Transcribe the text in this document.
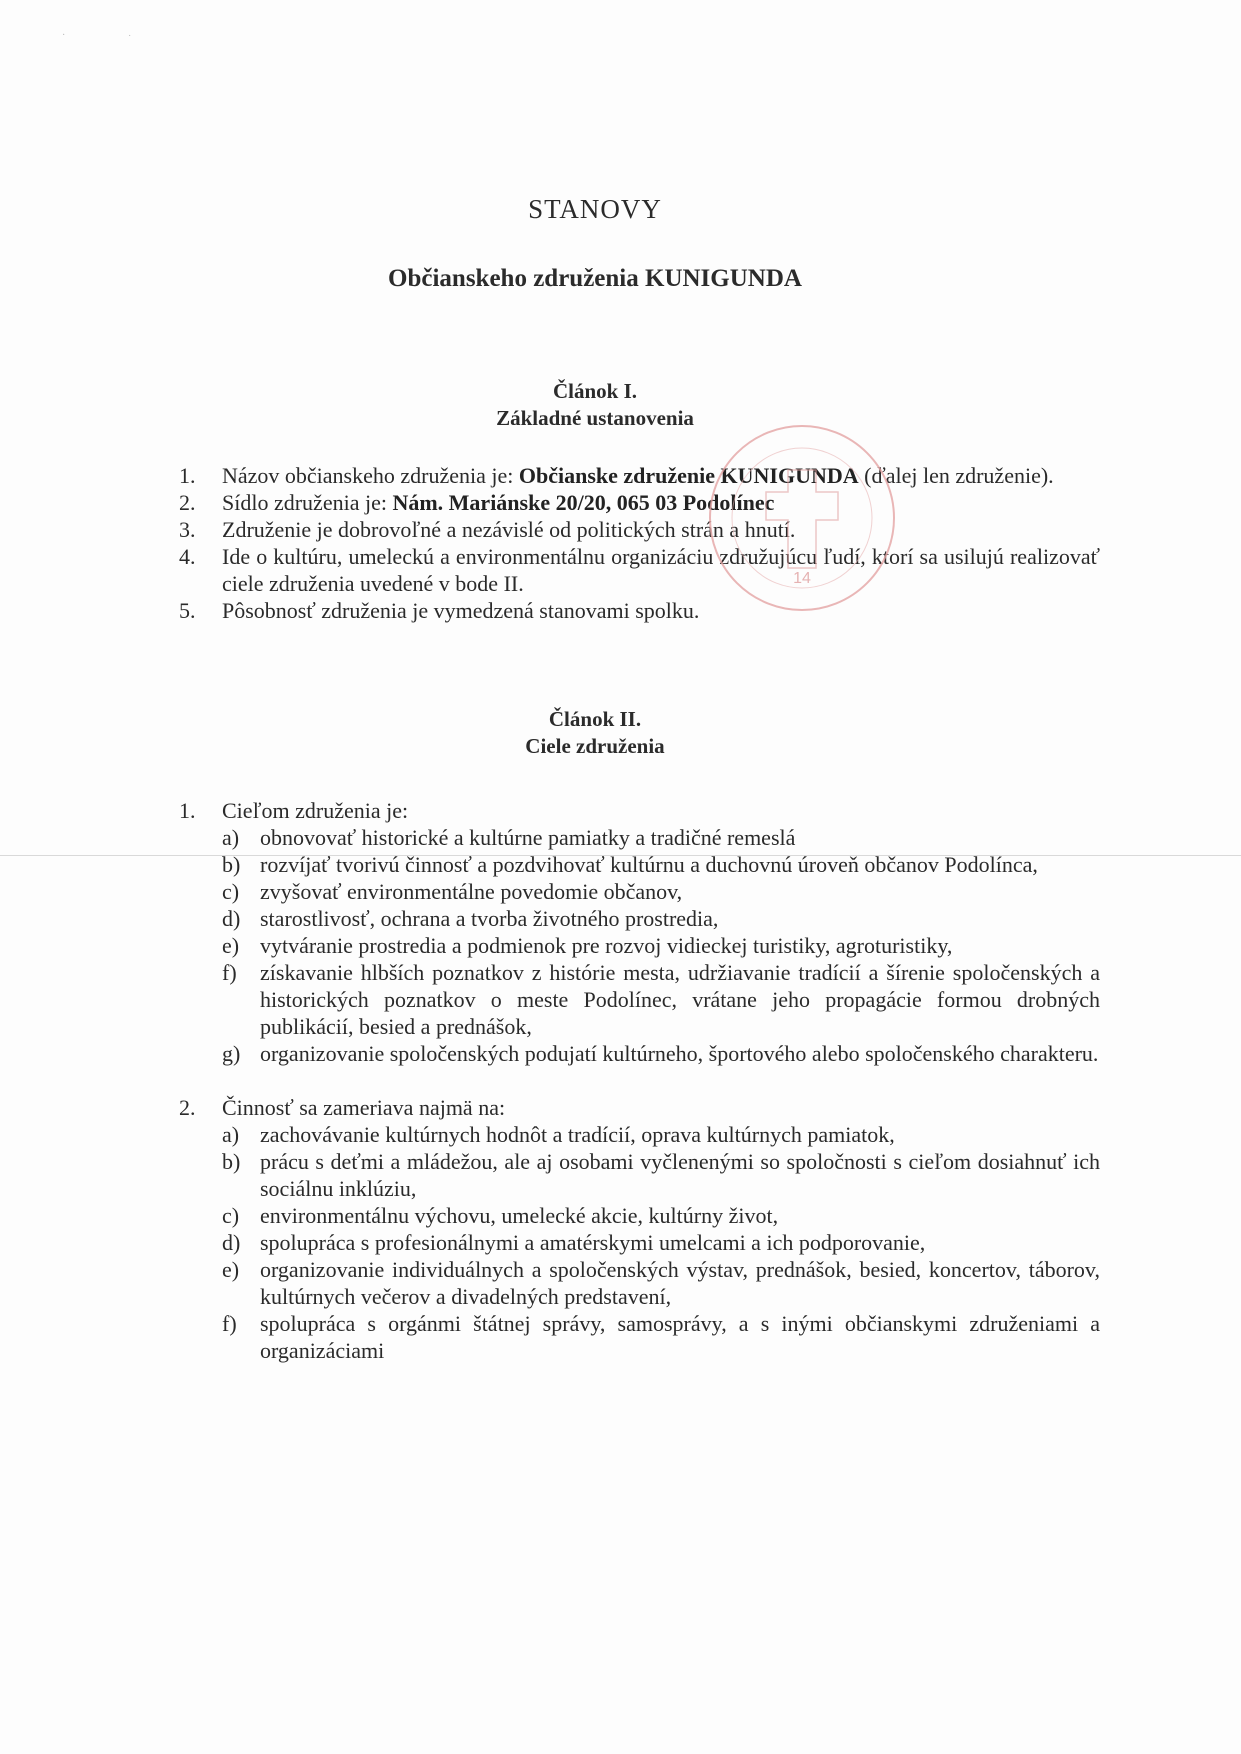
·	˙
STANOVY
Občianskeho združenia KUNIGUNDA
Článok I.
Základné ustanovenia
1. Názov občianskeho združenia je: Občianske združenie KUNIGUNDA (ďalej len združenie).
2. Sídlo združenia je: Nám. Mariánske 20/20, 065 03 Podolínec
3. Združenie je dobrovoľné a nezávislé od politických strán a hnutí.
4. Ide o kultúru, umeleckú a environmentálnu organizáciu združujúcu ľudí, ktorí sa usilujú realizovať ciele združenia uvedené v bode II.
5. Pôsobnosť združenia je vymedzená stanovami spolku.
14
Článok II.
Ciele združenia
1. Cieľom združenia je:
a) obnovovať historické a kultúrne pamiatky a tradičné remeslá
b) rozvíjať tvorivú činnosť a pozdvihovať kultúrnu a duchovnú úroveň občanov Podolínca,
c) zvyšovať environmentálne povedomie občanov,
d) starostlivosť, ochrana a tvorba životného prostredia,
e) vytváranie prostredia a podmienok pre rozvoj vidieckej turistiky, agroturistiky,
f) získavanie hlbších poznatkov z histórie mesta, udržiavanie tradícií a šírenie spoločenských a historických poznatkov o meste Podolínec, vrátane jeho propagácie formou drobných publikácií, besied a prednášok,
g) organizovanie spoločenských podujatí kultúrneho, športového alebo spoločenského charakteru.
2. Činnosť sa zameriava najmä na:
a) zachovávanie kultúrnych hodnôt a tradícií, oprava kultúrnych pamiatok,
b) prácu s deťmi a mládežou, ale aj osobami vyčlenenými so spoločnosti s cieľom dosiahnuť ich sociálnu inklúziu,
c) environmentálnu výchovu, umelecké akcie, kultúrny život,
d) spolupráca s profesionálnymi a amatérskymi umelcami a ich podporovanie,
e) organizovanie individuálnych a spoločenských výstav, prednášok, besied, koncertov, táborov, kultúrnych večerov a divadelných predstavení,
f) spolupráca s orgánmi štátnej správy, samosprávy, a s inými občianskymi združeniami a organizáciami
